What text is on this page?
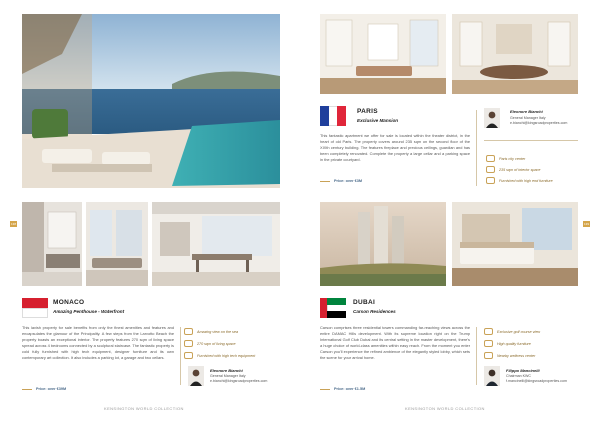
138
MONACO
Amazing Penthouse - Waterfront
This lavish property for sale benefits from only the finest amenities and features and encapsulates the glamour of the Principality. A few steps from the Larvotto Beach the property boasts an exceptional interior. The property features 270 sqm of living space spread across 4 bedrooms connected by a sculptural staircase. The fantastic property is cold fully furnished with high tech equipment, designer furniture and its own contemporary art collection. It also includes a parking lot, a garage and two cellars.
Amazing view on the sea
270 sqm of living space
Furnished with high tech equipment
Price: over €39M
Eleonore Bianchi
General Manager Italy
e.bianchi@kingsroadproperties.com
KENSINGTON WORLD COLLECTION
PARIS
Exclusive Mansion
This fantastic apartment we offer for sale is located within the theater district, in the heart of old Paris. The property covers around 235 sqm on the second floor of the XIXth century building. The features fireplace and precious ceilings, guardian and has been completely renovated. Complete the property a large cellar and a parking space in the private courtyard.
Eleonore Bianchi
General Manager Italy
e.bianchi@kingsroadproperties.com
Paris city center
235 sqm of interior space
Furnished with high end furniture
Price: over €3M
139
DUBAI
Carson Residences
Carson comprises three residential towers commanding far-reaching views across the entire DAMAC Hills development. With its supreme location right on the Trump International Golf Club Dubai and its central setting in the master development, there's a huge choice of world-class amenities within easy reach. From the moment you enter Carson you'll experience the refined ambience of the elegantly styled lobby, which sets the scene for your arrival home.
Exclusive golf course view
High quality furniture
Nearby wellness center
Price: over €1.5M
Filippo Mancinelli
Chairman KWC
f.mancinelli@kingsroadproperties.com
KENSINGTON WORLD COLLECTION
